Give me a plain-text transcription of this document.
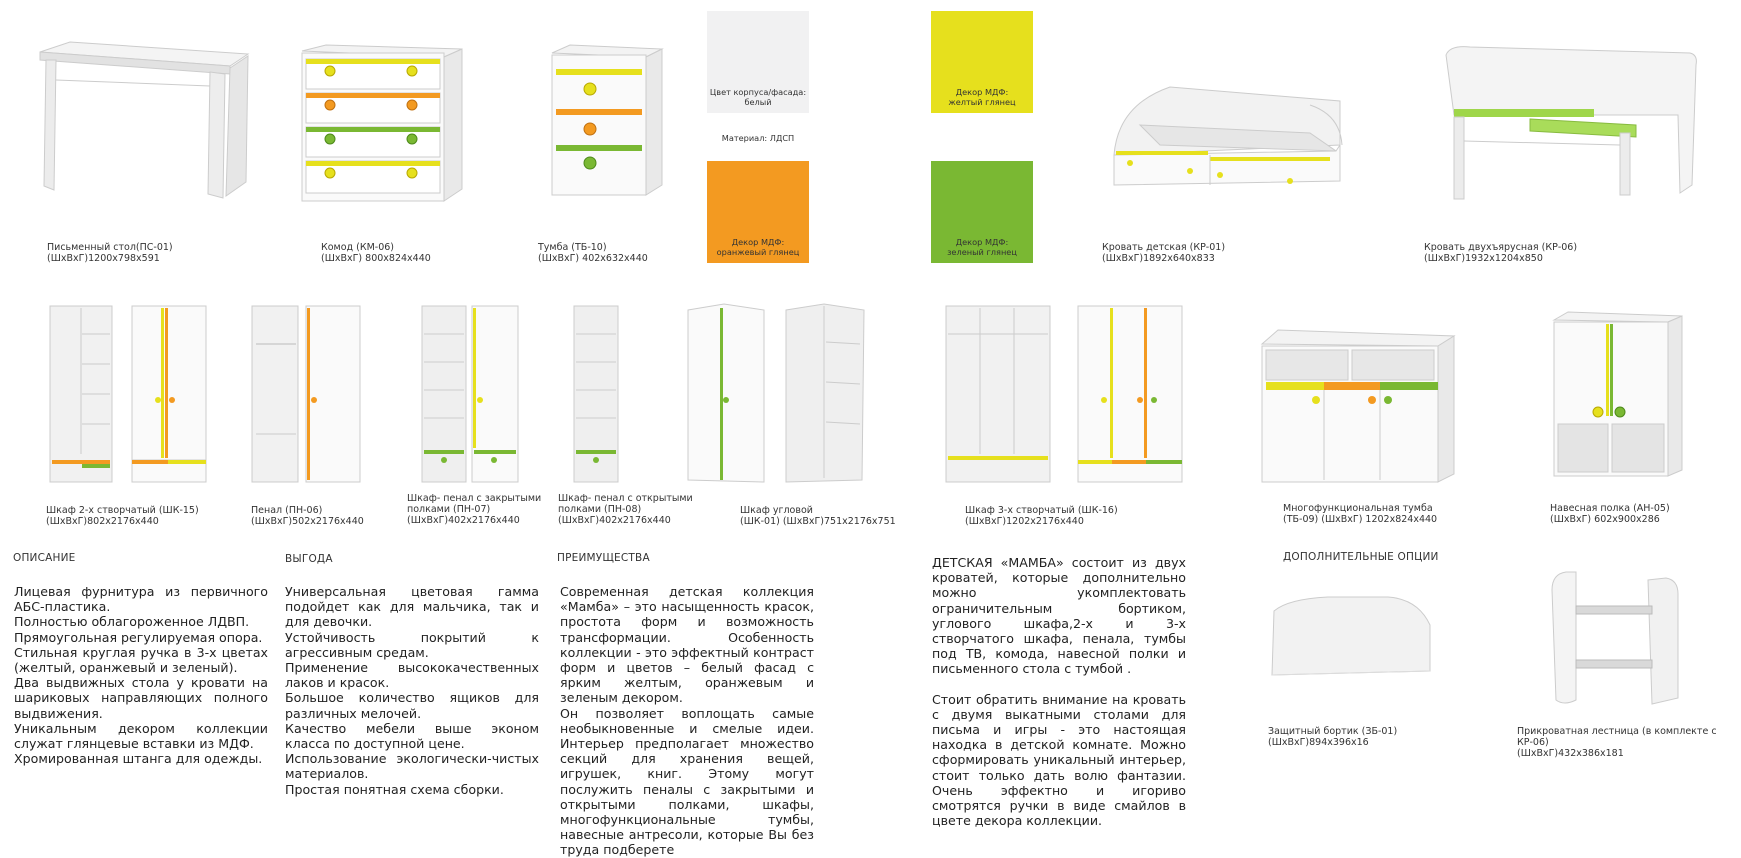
Цвет корпуса/фасада:
белый
Материал: ЛДСП
Декор МДФ:
желтый глянец
Декор МДФ:
оранжевый глянец
Декор МДФ:
зеленый глянец
Письменный стол(ПС-01)
(ШхВхГ)1200х798х591
Комод (КМ-06)
(ШхВхГ) 800х824х440
Тумба (ТБ-10)
(ШхВхГ) 402х632х440
Кровать детская (КР-01)
(ШхВхГ)1892х640х833
Кровать двухъярусная (КР-06)
(ШхВхГ)1932х1204х850
Шкаф 2-х створчатый (ШК-15)
(ШхВхГ)802х2176х440
Пенал (ПН-06)
(ШхВхГ)502х2176х440
Шкаф- пенал с закрытыми
полками (ПН-07)
(ШхВхГ)402х2176х440
Шкаф- пенал с открытыми
полками (ПН-08)
(ШхВхГ)402х2176х440
Шкаф угловой
(ШК-01) (ШхВхГ)751х2176х751
Шкаф 3-х створчатый (ШК-16)
(ШхВхГ)1202х2176х440
Многофункциональная тумба
(ТБ-09) (ШхВхГ) 1202х824х440
Навесная полка (АН-05)
(ШхВхГ) 602х900х286
ОПИСАНИЕ

Лицевая фурнитура из первичного АБС-пластика.

Полностью облагороженное ЛДВП.

Прямоугольная регулируемая опора.

Стильная круглая ручка в 3-х цветах (желтый, оранжевый и зеленый).

Два выдвижных стола у кровати на шариковых направляющих полного выдвижения.

Уникальным декором коллекции служат глянцевые вставки из МДФ.

Хромированная штанга для одежды.

ВЫГОДА

Универсальная цветовая гамма подойдет как для мальчика, так и для девочки.

Устойчивость покрытий к агрессивным средам.

Применение высококачественных лаков и красок.

Большое количество ящиков для различных мелочей.

Качество мебели выше эконом класса по доступной цене.

Использование экологически-чистых материалов.

Простая понятная схема сборки.

ПРЕИМУЩЕСТВА

Современная детская коллекция «Мамба» – это насыщенность красок, простота форм и возможность трансформации. Особенность коллекции - это эффектный контраст форм и цветов – белый фасад с ярким желтым, оранжевым и зеленым декором.

Он позволяет воплощать самые необыкновенные и смелые идеи. Интерьер предполагает множество секций для хранения вещей, игрушек, книг. Этому могут послужить пеналы с закрытыми и открытыми полками, шкафы, многофункциональные тумбы, навесные антресоли, которые Вы без труда подберете

ДЕТСКАЯ «МАМБА» состоит из двух кроватей, которые дополнительно можно укомплектовать ограничительным бортиком, углового шкафа,2-х и 3-х створчатого шкафа, пенала, тумбы под ТВ, комода, навесной полки и письменного стола с тумбой .

Стоит обратить внимание на кровать с двумя выкатными столами для письма и игры - это настоящая находка в детской комнате. Можно сформировать уникальный интерьер, стоит только дать волю фантазии. Очень эффектно и игориво смотрятся ручки в виде смайлов в цвете декора коллекции.

ДОПОЛНИТЕЛЬНЫЕ ОПЦИИ
Защитный бортик (ЗБ-01)
(ШхВхГ)894х396х16
Прикроватная лестница (в комплекте с КР-06)
(ШхВхГ)432х386х181
